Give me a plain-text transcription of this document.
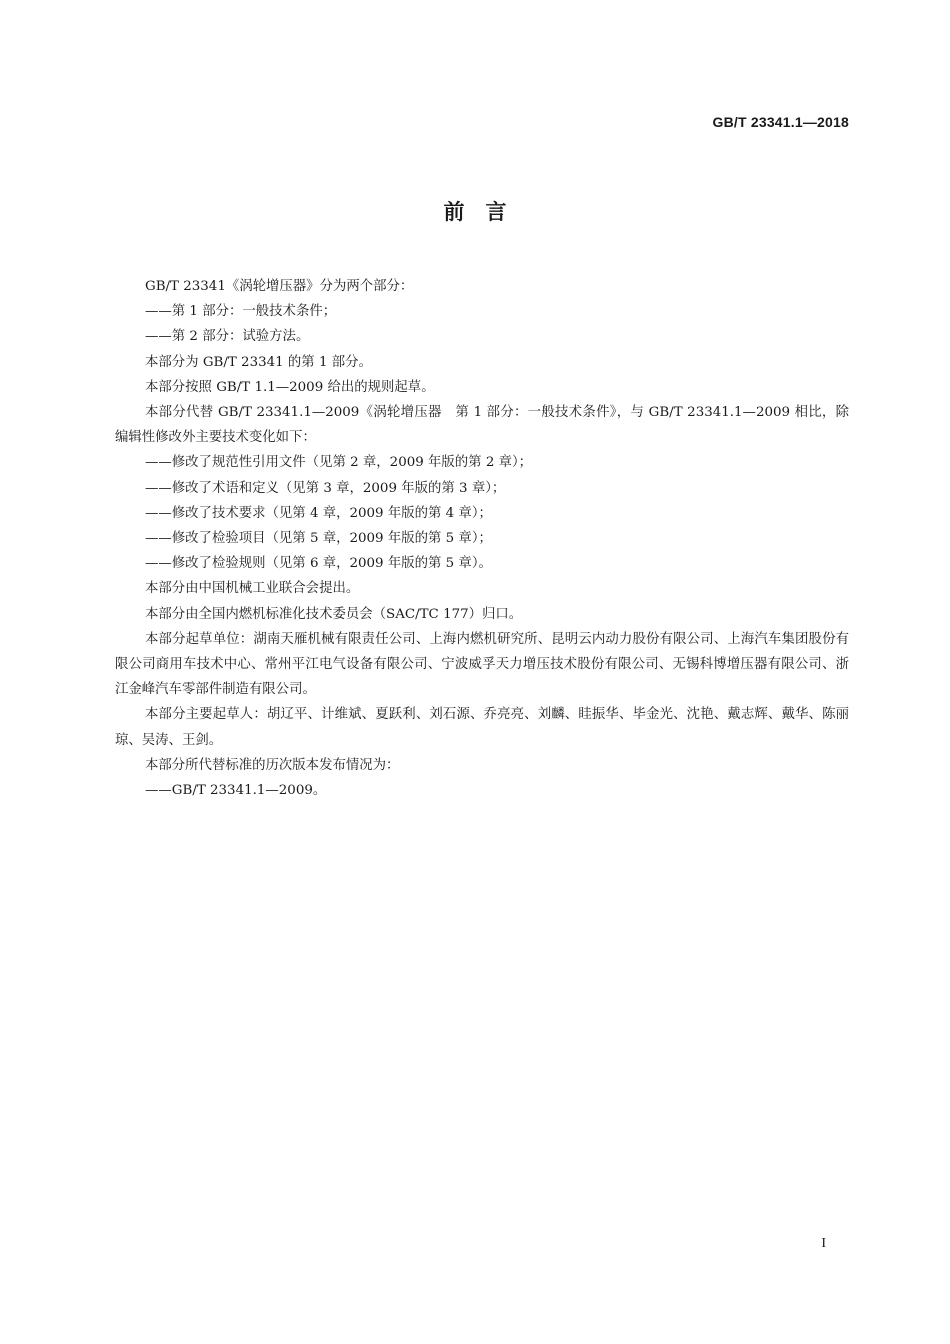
GB/T 23341.1—2018
前　言

GB/T 23341《涡轮增压器》分为两个部分：

——第 1 部分：一般技术条件；

——第 2 部分：试验方法。

本部分为 GB/T 23341 的第 1 部分。

本部分按照 GB/T 1.1—2009 给出的规则起草。

本部分代替 GB/T 23341.1—2009《涡轮增压器　第 1 部分：一般技术条件》，与 GB/T 23341.1—2009 相比，除编辑性修改外主要技术变化如下：

——修改了规范性引用文件（见第 2 章，2009 年版的第 2 章）；

——修改了术语和定义（见第 3 章，2009 年版的第 3 章）；

——修改了技术要求（见第 4 章，2009 年版的第 4 章）；

——修改了检验项目（见第 5 章，2009 年版的第 5 章）；

——修改了检验规则（见第 6 章，2009 年版的第 5 章）。

本部分由中国机械工业联合会提出。

本部分由全国内燃机标准化技术委员会（SAC/TC 177）归口。

本部分起草单位：湖南天雁机械有限责任公司、上海内燃机研究所、昆明云内动力股份有限公司、上海汽车集团股份有限公司商用车技术中心、常州平江电气设备有限公司、宁波威孚天力增压技术股份有限公司、无锡科博增压器有限公司、浙江金峰汽车零部件制造有限公司。

本部分主要起草人：胡辽平、计维斌、夏跃利、刘石源、乔亮亮、刘麟、眭振华、毕金光、沈艳、戴志辉、戴华、陈丽琼、吴涛、王剑。

本部分所代替标准的历次版本发布情况为：

——GB/T 23341.1—2009。

I
